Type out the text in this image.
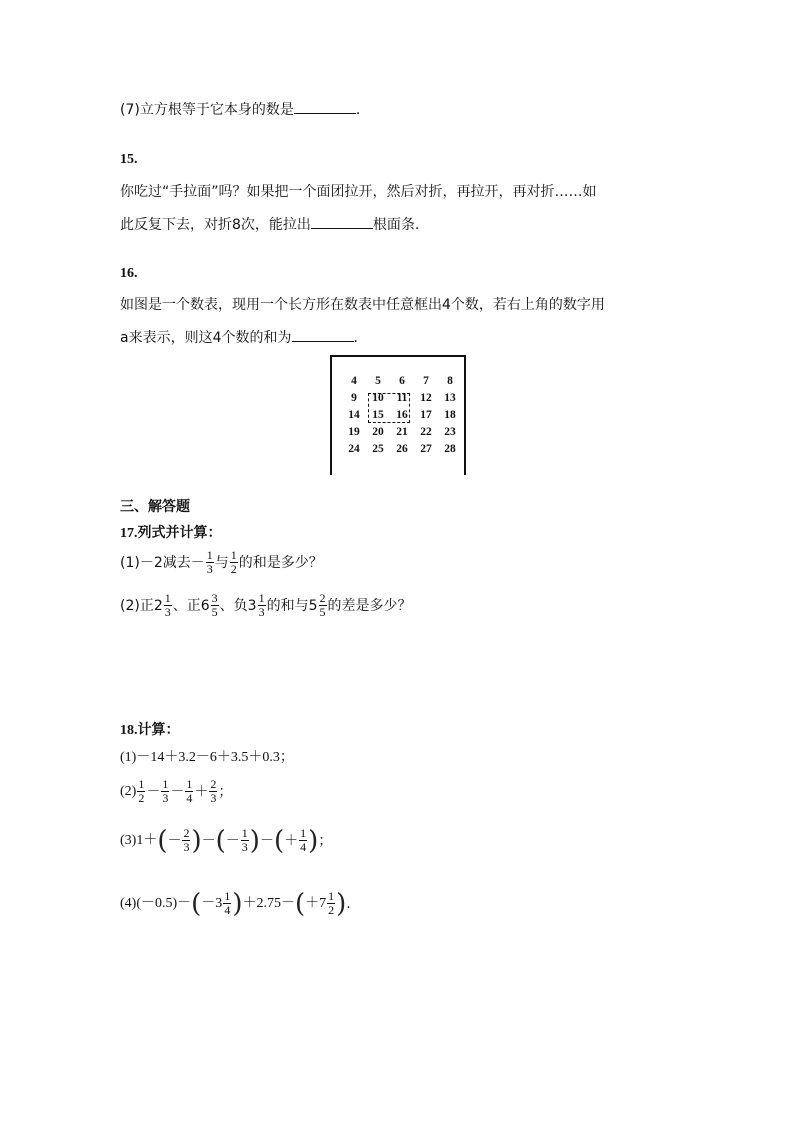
(7)立方根等于它本身的数是	.
15.
你吃过“手拉面”吗？如果把一个面团拉开，然后对折，再拉开，再对折……如
此反复下去，对折8次，能拉出	根面条.
16.
如图是一个数表，现用一个长方形在数表中任意框出4个数，若右上角的数字用
a来表示，则这4个数的和为	.
4	5	6	7	8
9	10	11	12	13
14	15	16	17	18
19	20	21	22	23
24	25	26	27	28
三、解答题
17.列式并计算：
(1)－2减去－ $\frac{1}{3}$ 与 $\frac{1}{2}$ 的和是多少？
(2)正$2 \frac{1}{3}$ 、正$6 \frac{3}{5}$ 、负$3 \frac{1}{3}$ 的和与$5 \frac{2}{5}$ 的差是多少？
18.计算：
(1)－14＋3.2－6＋3.5＋0.3；
$(2) \frac{1}{2} - \frac{1}{3} - \frac{1}{4} + \frac{2}{3}$ ；
(3)1＋ ( － $\frac{2}{3}$ ) － ( － $\frac{1}{3}$ ) － ( ＋ $\frac{1}{4}$ ) ；
(4)(－0.5)－ ( $-3 \frac{1}{4}$ ) ＋2.75－ ( $+7 \frac{1}{2}$ ) .
